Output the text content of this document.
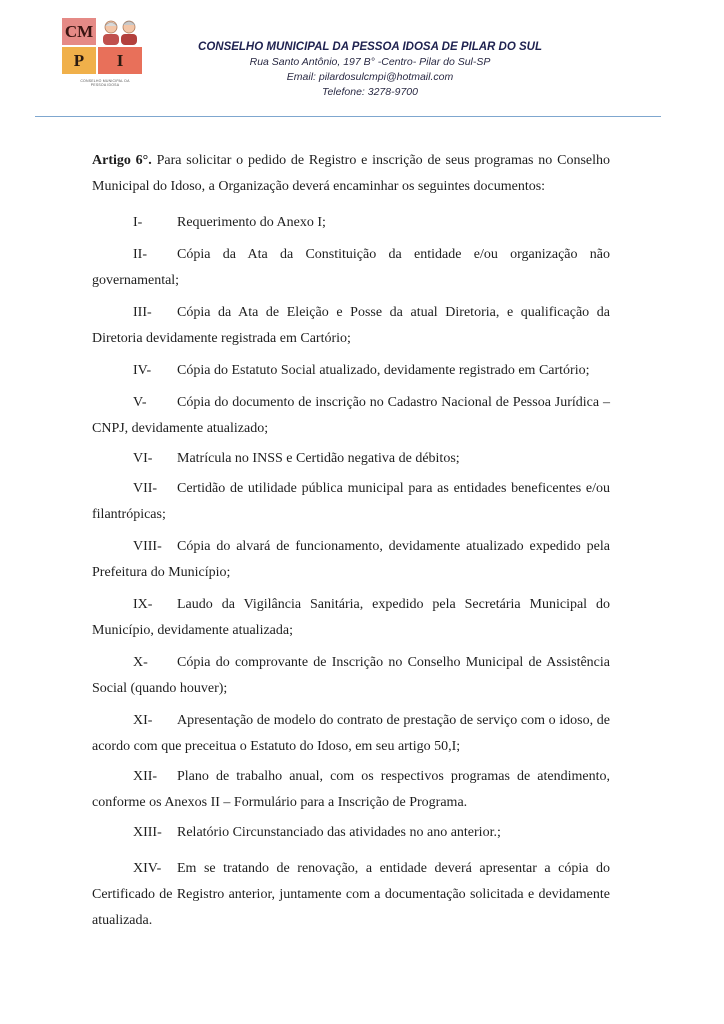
CM
P	I
CONSELHO MUNICIPAL DA
PESSOA IDOSA
CONSELHO MUNICIPAL DA PESSOA IDOSA DE PILAR DO SUL
Rua Santo Antônio, 197 B° -Centro- Pilar do Sul-SP
Email: pilardosulcmpi@hotmail.com
Telefone: 3278-9700

Artigo 6°. Para solicitar o pedido de Registro e inscrição de seus programas no Conselho Municipal do Idoso, a Organização deverá encaminhar os seguintes documentos:

I- Requerimento do Anexo I;

II- Cópia da Ata da Constituição da entidade e/ou organização não governamental;

III- Cópia da Ata de Eleição e Posse da atual Diretoria, e qualificação da Diretoria devidamente registrada em Cartório;

IV- Cópia do Estatuto Social atualizado, devidamente registrado em Cartório;

V- Cópia do documento de inscrição no Cadastro Nacional de Pessoa Jurídica – CNPJ, devidamente atualizado;

VI- Matrícula no INSS e Certidão negativa de débitos;

VII- Certidão de utilidade pública municipal para as entidades beneficentes e/ou filantrópicas;

VIII- Cópia do alvará de funcionamento, devidamente atualizado expedido pela Prefeitura do Município;

IX- Laudo da Vigilância Sanitária, expedido pela Secretária Municipal do Município, devidamente atualizada;

X- Cópia do comprovante de Inscrição no Conselho Municipal de Assistência Social (quando houver);

XI- Apresentação de modelo do contrato de prestação de serviço com o idoso, de acordo com que preceitua o Estatuto do Idoso, em seu artigo 50,I;

XII- Plano de trabalho anual, com os respectivos programas de atendimento, conforme os Anexos II – Formulário para a Inscrição de Programa.

XIII- Relatório Circunstanciado das atividades no ano anterior.;

XIV- Em se tratando de renovação, a entidade deverá apresentar a cópia do Certificado de Registro anterior, juntamente com a documentação solicitada e devidamente atualizada.
